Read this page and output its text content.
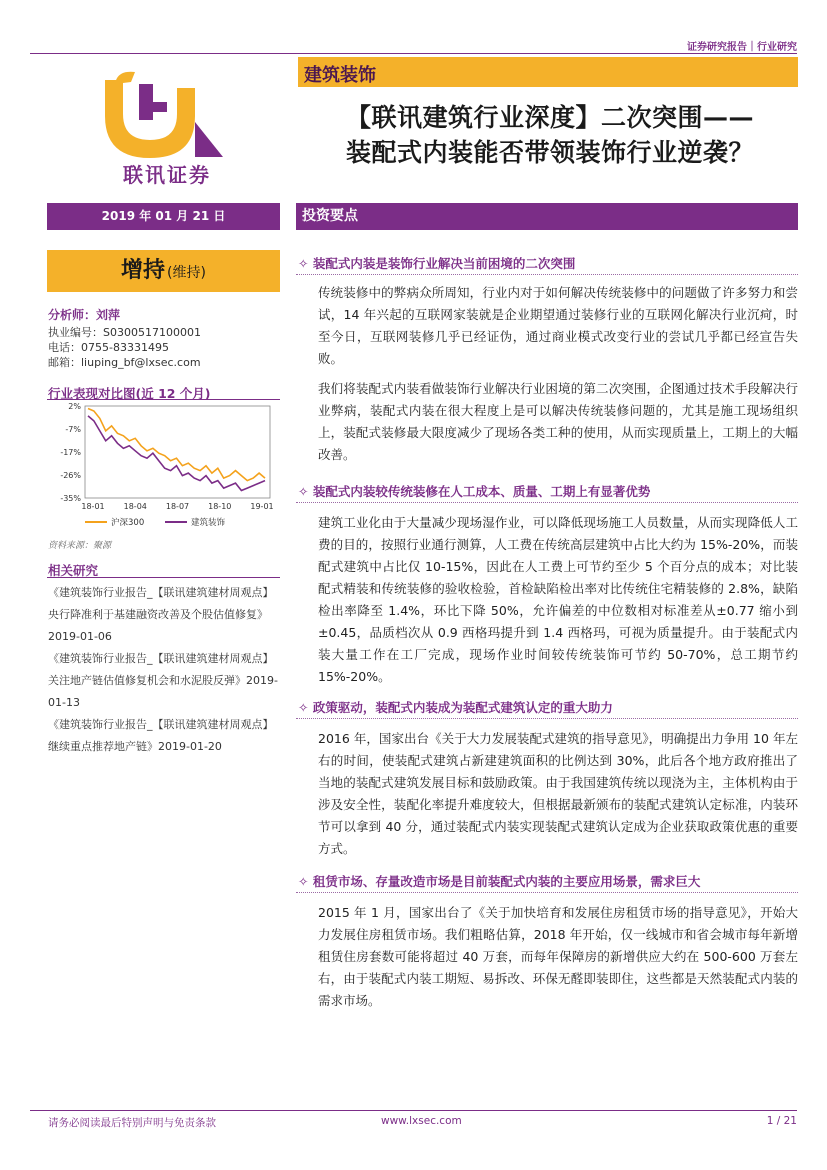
证券研究报告｜行业研究
联讯证券
建筑装饰
【联讯建筑行业深度】二次突围——
装配式内装能否带领装饰行业逆袭？
2019 年 01 月 21 日	投资要点
增持 (维持)
分析师：刘萍
执业编号：S0300517100001
电话：0755-83331495
邮箱：liuping_bf@lxsec.com
行业表现对比图(近 12 个月)
2%
-7%
-17%
-26%
-35%
18-01 18-04 18-07 18-10 19-01
沪深300	建筑装饰
资料来源：聚源
相关研究
《建筑装饰行业报告_【联讯建筑建材周观点】央行降准利于基建融资改善及个股估值修复》2019-01-06
《建筑装饰行业报告_【联讯建筑建材周观点】关注地产链估值修复机会和水泥股反弹》2019-01-13
《建筑装饰行业报告_【联讯建筑建材周观点】继续重点推荐地产链》2019-01-20
✧ 装配式内装是装饰行业解决当前困境的二次突围
传统装修中的弊病众所周知，行业内对于如何解决传统装修中的问题做了许多努力和尝试，14 年兴起的互联网家装就是企业期望通过装修行业的互联网化解决行业沉疴，时至今日，互联网装修几乎已经证伪，通过商业模式改变行业的尝试几乎都已经宣告失败。
我们将装配式内装看做装饰行业解决行业困境的第二次突围，企图通过技术手段解决行业弊病，装配式内装在很大程度上是可以解决传统装修问题的，尤其是施工现场组织上，装配式装修最大限度减少了现场各类工种的使用，从而实现质量上，工期上的大幅改善。
✧ 装配式内装较传统装修在人工成本、质量、工期上有显著优势
建筑工业化由于大量减少现场湿作业，可以降低现场施工人员数量，从而实现降低人工费的目的，按照行业通行测算，人工费在传统高层建筑中占比大约为 15%-20%，而装配式建筑中占比仅 10-15%，因此在人工费上可节约至少 5 个百分点的成本；对比装配式精装和传统装修的验收检验，首检缺陷检出率对比传统住宅精装修的 2.8%，缺陷检出率降至 1.4%，环比下降 50%，允许偏差的中位数相对标准差从±0.77 缩小到±0.45，品质档次从 0.9 西格玛提升到 1.4 西格玛，可视为质量提升。由于装配式内装大量工作在工厂完成，现场作业时间较传统装饰可节约 50-70%，总工期节约 15%-20%。
✧ 政策驱动，装配式内装成为装配式建筑认定的重大助力
2016 年，国家出台《关于大力发展装配式建筑的指导意见》，明确提出力争用 10 年左右的时间，使装配式建筑占新建建筑面积的比例达到 30%，此后各个地方政府推出了当地的装配式建筑发展目标和鼓励政策。由于我国建筑传统以现浇为主，主体机构由于涉及安全性，装配化率提升难度较大，但根据最新颁布的装配式建筑认定标准，内装环节可以拿到 40 分，通过装配式内装实现装配式建筑认定成为企业获取政策优惠的重要方式。
✧ 租赁市场、存量改造市场是目前装配式内装的主要应用场景，需求巨大
2015 年 1 月，国家出台了《关于加快培育和发展住房租赁市场的指导意见》，开始大力发展住房租赁市场。我们粗略估算，2018 年开始，仅一线城市和省会城市每年新增租赁住房套数可能将超过 40 万套，而每年保障房的新增供应大约在 500-600 万套左右，由于装配式内装工期短、易拆改、环保无醛即装即住，这些都是天然装配式内装的需求市场。
请务必阅读最后特别声明与免责条款	www.lxsec.com	1 / 21
